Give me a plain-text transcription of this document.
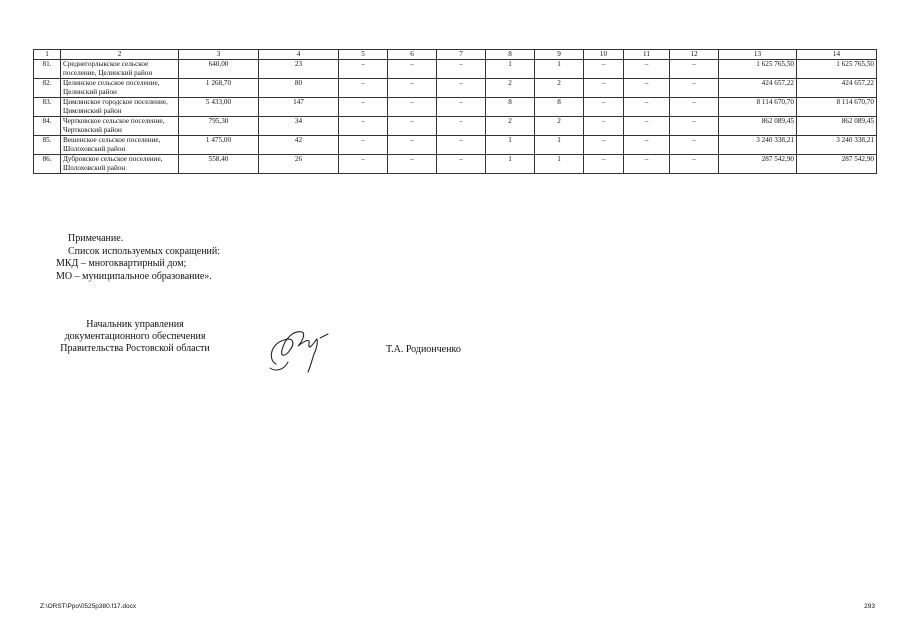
1	2	3	4	5	6	7	8	9	10	11	12	13	14
81.	Среднегорлыкское сельское поселение, Целинский район	640,00	23	–	–	–	1	1	–	–	–	1 625 765,50	1 625 765,50
82.	Целинское сельское поселение, Целинский район	1 268,70	80	–	–	–	2	2	–	–	–	424 657,22	424 657,22
83.	Цимлянское городское поселение, Цимлянский район	5 433,00	147	–	–	–	8	8	–	–	–	8 114 670,70	8 114 670,70
84.	Чертковское сельское поселение, Чертковский район	795,30	34	–	–	–	2	2	–	–	–	862 089,45	862 089,45
85.	Вешенское сельское поселение, Шолоховский район	1 475,00	42	–	–	–	1	1	–	–	–	3 240 338,21	3 240 338,21
86.	Дубровское сельское поселение, Шолоховский район	558,40	26	–	–	–	1	1	–	–	–	287 542,90	287 542,90
Примечание.
Список используемых сокращений:
МКД – многоквартирный дом;
МО – муниципальное образование».
Начальник управления
документационного обеспечения
Правительства Ростовской области	Т.А. Родионченко
Z:\ORST\Ppo\0525p380.f17.docx	293
